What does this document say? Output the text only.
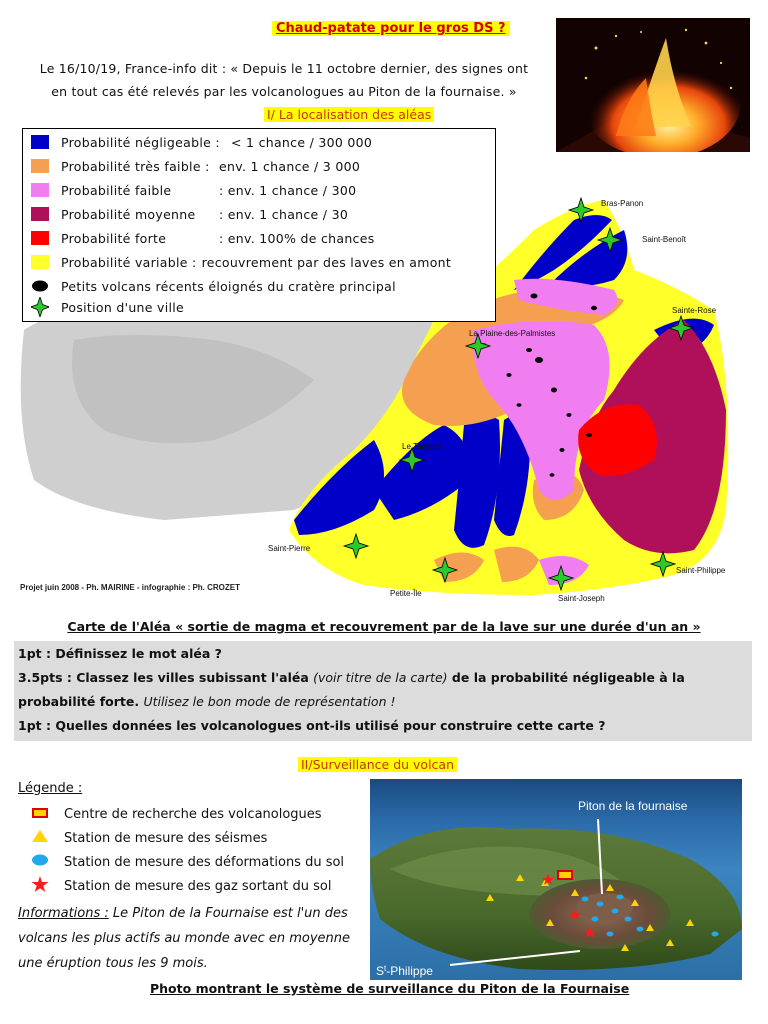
Chaud-patate pour le gros DS ?
Le 16/10/19, France-info dit : « Depuis le 11 octobre dernier, des signes ont
en tout cas été relevés par les volcanologues au Piton de la fournaise. »
I/ La localisation des aléas
Bras-Panon
Saint-Benoît
Sainte-Rose
La Plaine-des-Palmistes
Le Tampon
Saint-Pierre
Petite-Île
Saint-Joseph
Saint-Philippe
Projet juin 2008 - Ph. MAIRINE - infographie : Ph. CROZET
Probabilité négligeable : < 1 chance / 300 000
Probabilité très faible : env. 1 chance / 3 000
Probabilité faible	: env. 1 chance / 300
Probabilité moyenne	: env. 1 chance / 30
Probabilité forte	: env. 100% de chances
Probabilité variable : recouvrement par des laves en amont
Petits volcans récents éloignés du cratère principal
Position d'une ville
Carte de l'Aléa « sortie de magma et recouvrement par de la lave sur une durée d'un an »
1pt : Définissez le mot aléa ?
3.5pts : Classez les villes subissant l'aléa (voir titre de la carte) de la probabilité négligeable à la
probabilité forte. Utilisez le bon mode de représentation !
1pt : Quelles données les volcanologues ont-ils utilisé pour construire cette carte ?
II/Surveillance du volcan
Légende :
Centre de recherche des volcanologues
Station de mesure des séismes
Station de mesure des déformations du sol
Station de mesure des gaz sortant du sol
Informations : Le Piton de la Fournaise est l'un des volcans les plus actifs au monde avec en moyenne une éruption tous les 9 mois.
Piton de la fournaise
$S^t$-Philippe
Photo montrant le système de surveillance du Piton de la Fournaise
